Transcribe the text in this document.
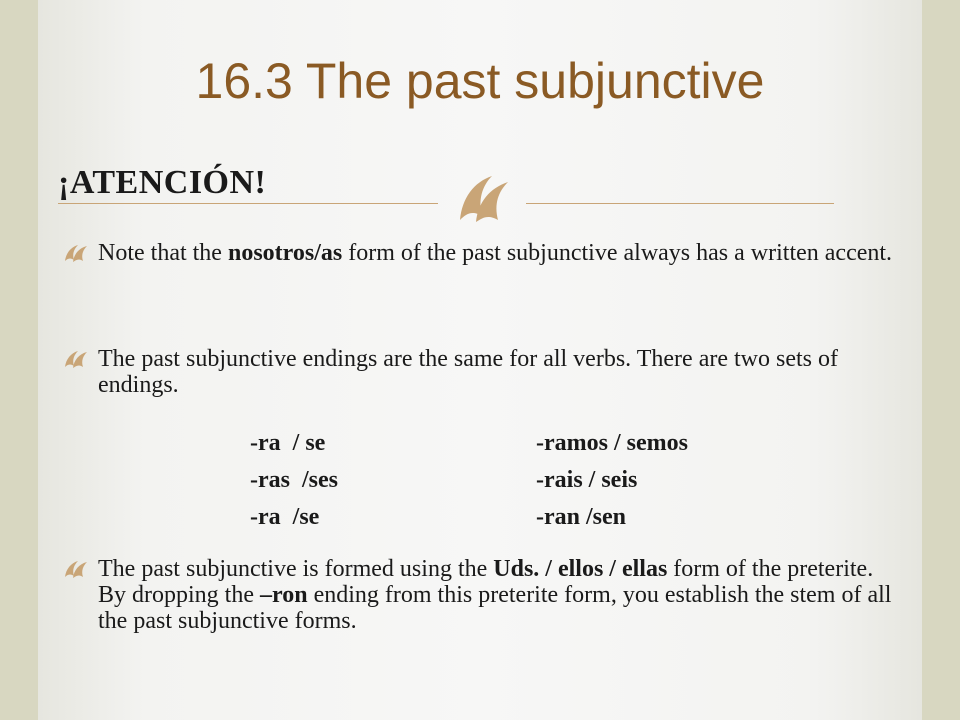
16.3 The past subjunctive
¡ATENCIÓN!
Note that the nosotros/as form of the past subjunctive always has a written accent.
The past subjunctive endings are the same for all verbs. There are two sets of endings.
-ra  / se	-ramos / semos
-ras  /ses	-rais / seis
-ra  /se	-ran /sen
The past subjunctive is formed using the Uds. / ellos / ellas form of the preterite. By dropping the –ron ending from this preterite form, you establish the stem of all the past subjunctive forms.
